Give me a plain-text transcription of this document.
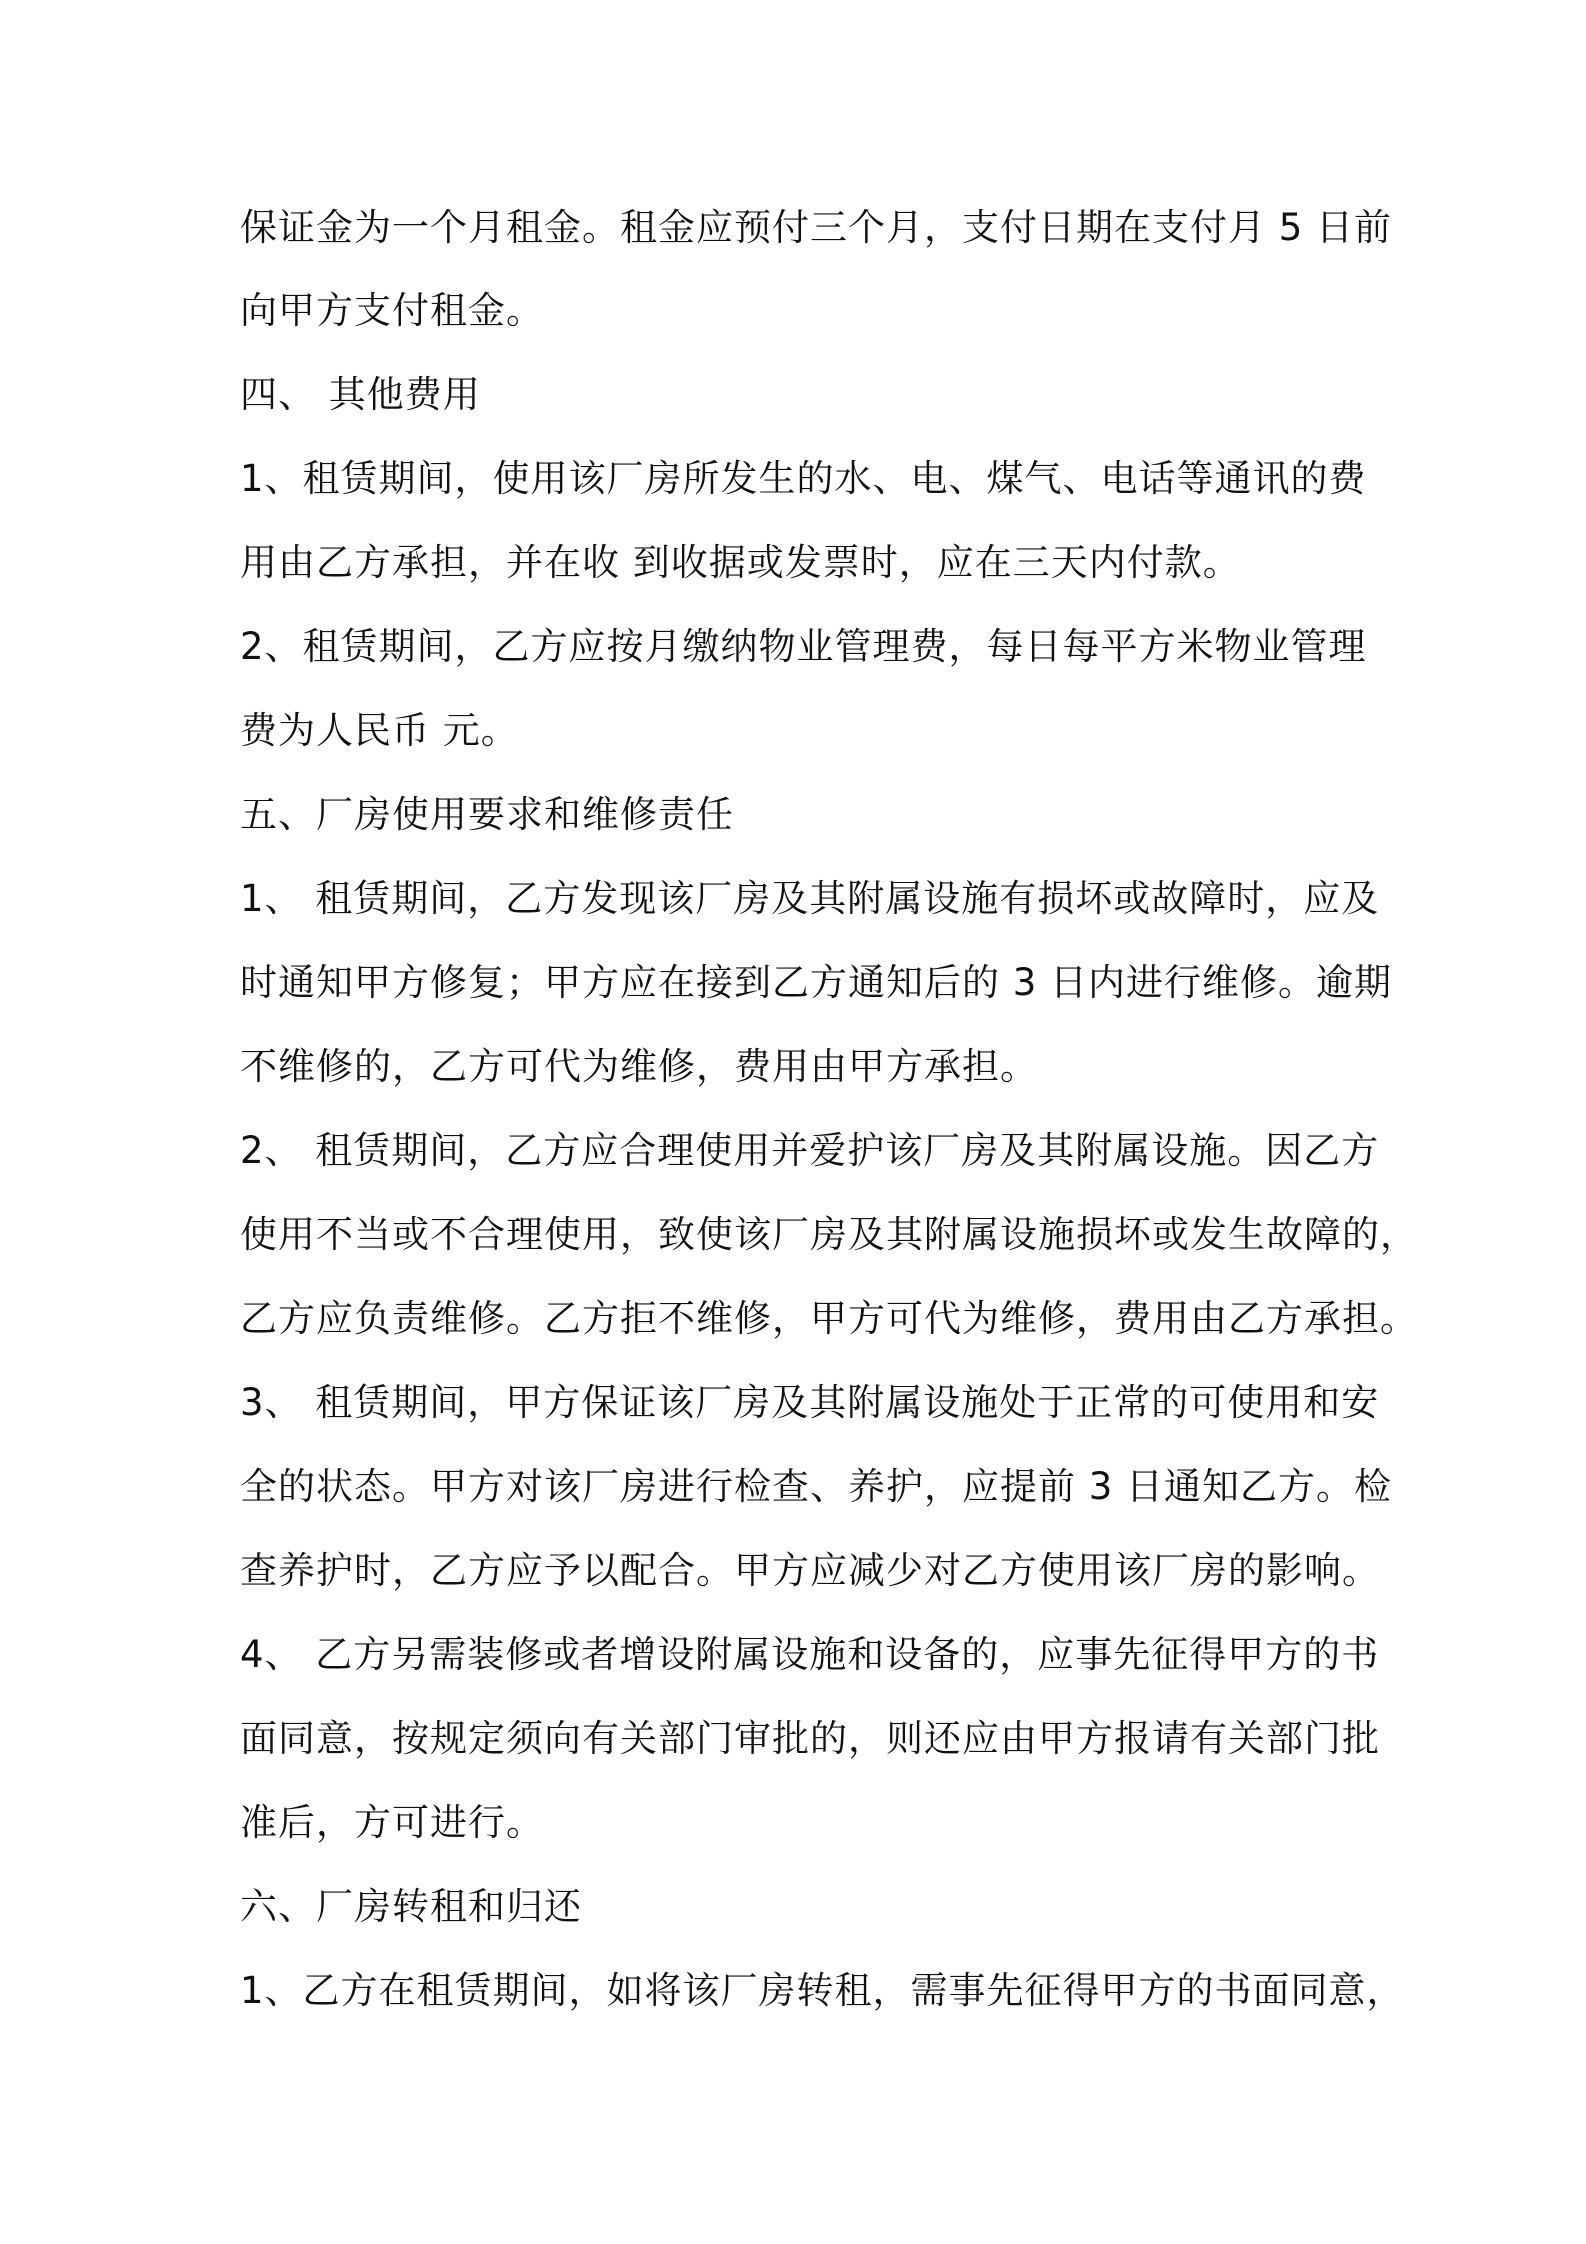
保证金为一个月租金。租金应预付三个月，支付日期在支付月 5 日前
向甲方支付租金。
四、 其他费用
1、租赁期间，使用该厂房所发生的水、电、煤气、电话等通讯的费
用由乙方承担，并在收 到收据或发票时，应在三天内付款。
2、租赁期间，乙方应按月缴纳物业管理费，每日每平方米物业管理
费为人民币 元。
五、厂房使用要求和维修责任
1、 租赁期间，乙方发现该厂房及其附属设施有损坏或故障时，应及
时通知甲方修复；甲方应在接到乙方通知后的 3 日内进行维修。逾期
不维修的，乙方可代为维修，费用由甲方承担。
2、 租赁期间，乙方应合理使用并爱护该厂房及其附属设施。因乙方
使用不当或不合理使用，致使该厂房及其附属设施损坏或发生故障的，
乙方应负责维修。乙方拒不维修，甲方可代为维修，费用由乙方承担。
3、 租赁期间，甲方保证该厂房及其附属设施处于正常的可使用和安
全的状态。甲方对该厂房进行检查、养护，应提前 3 日通知乙方。检
查养护时，乙方应予以配合。甲方应减少对乙方使用该厂房的影响。
4、 乙方另需装修或者增设附属设施和设备的，应事先征得甲方的书
面同意，按规定须向有关部门审批的，则还应由甲方报请有关部门批
准后，方可进行。
六、厂房转租和归还
1、乙方在租赁期间，如将该厂房转租，需事先征得甲方的书面同意，
